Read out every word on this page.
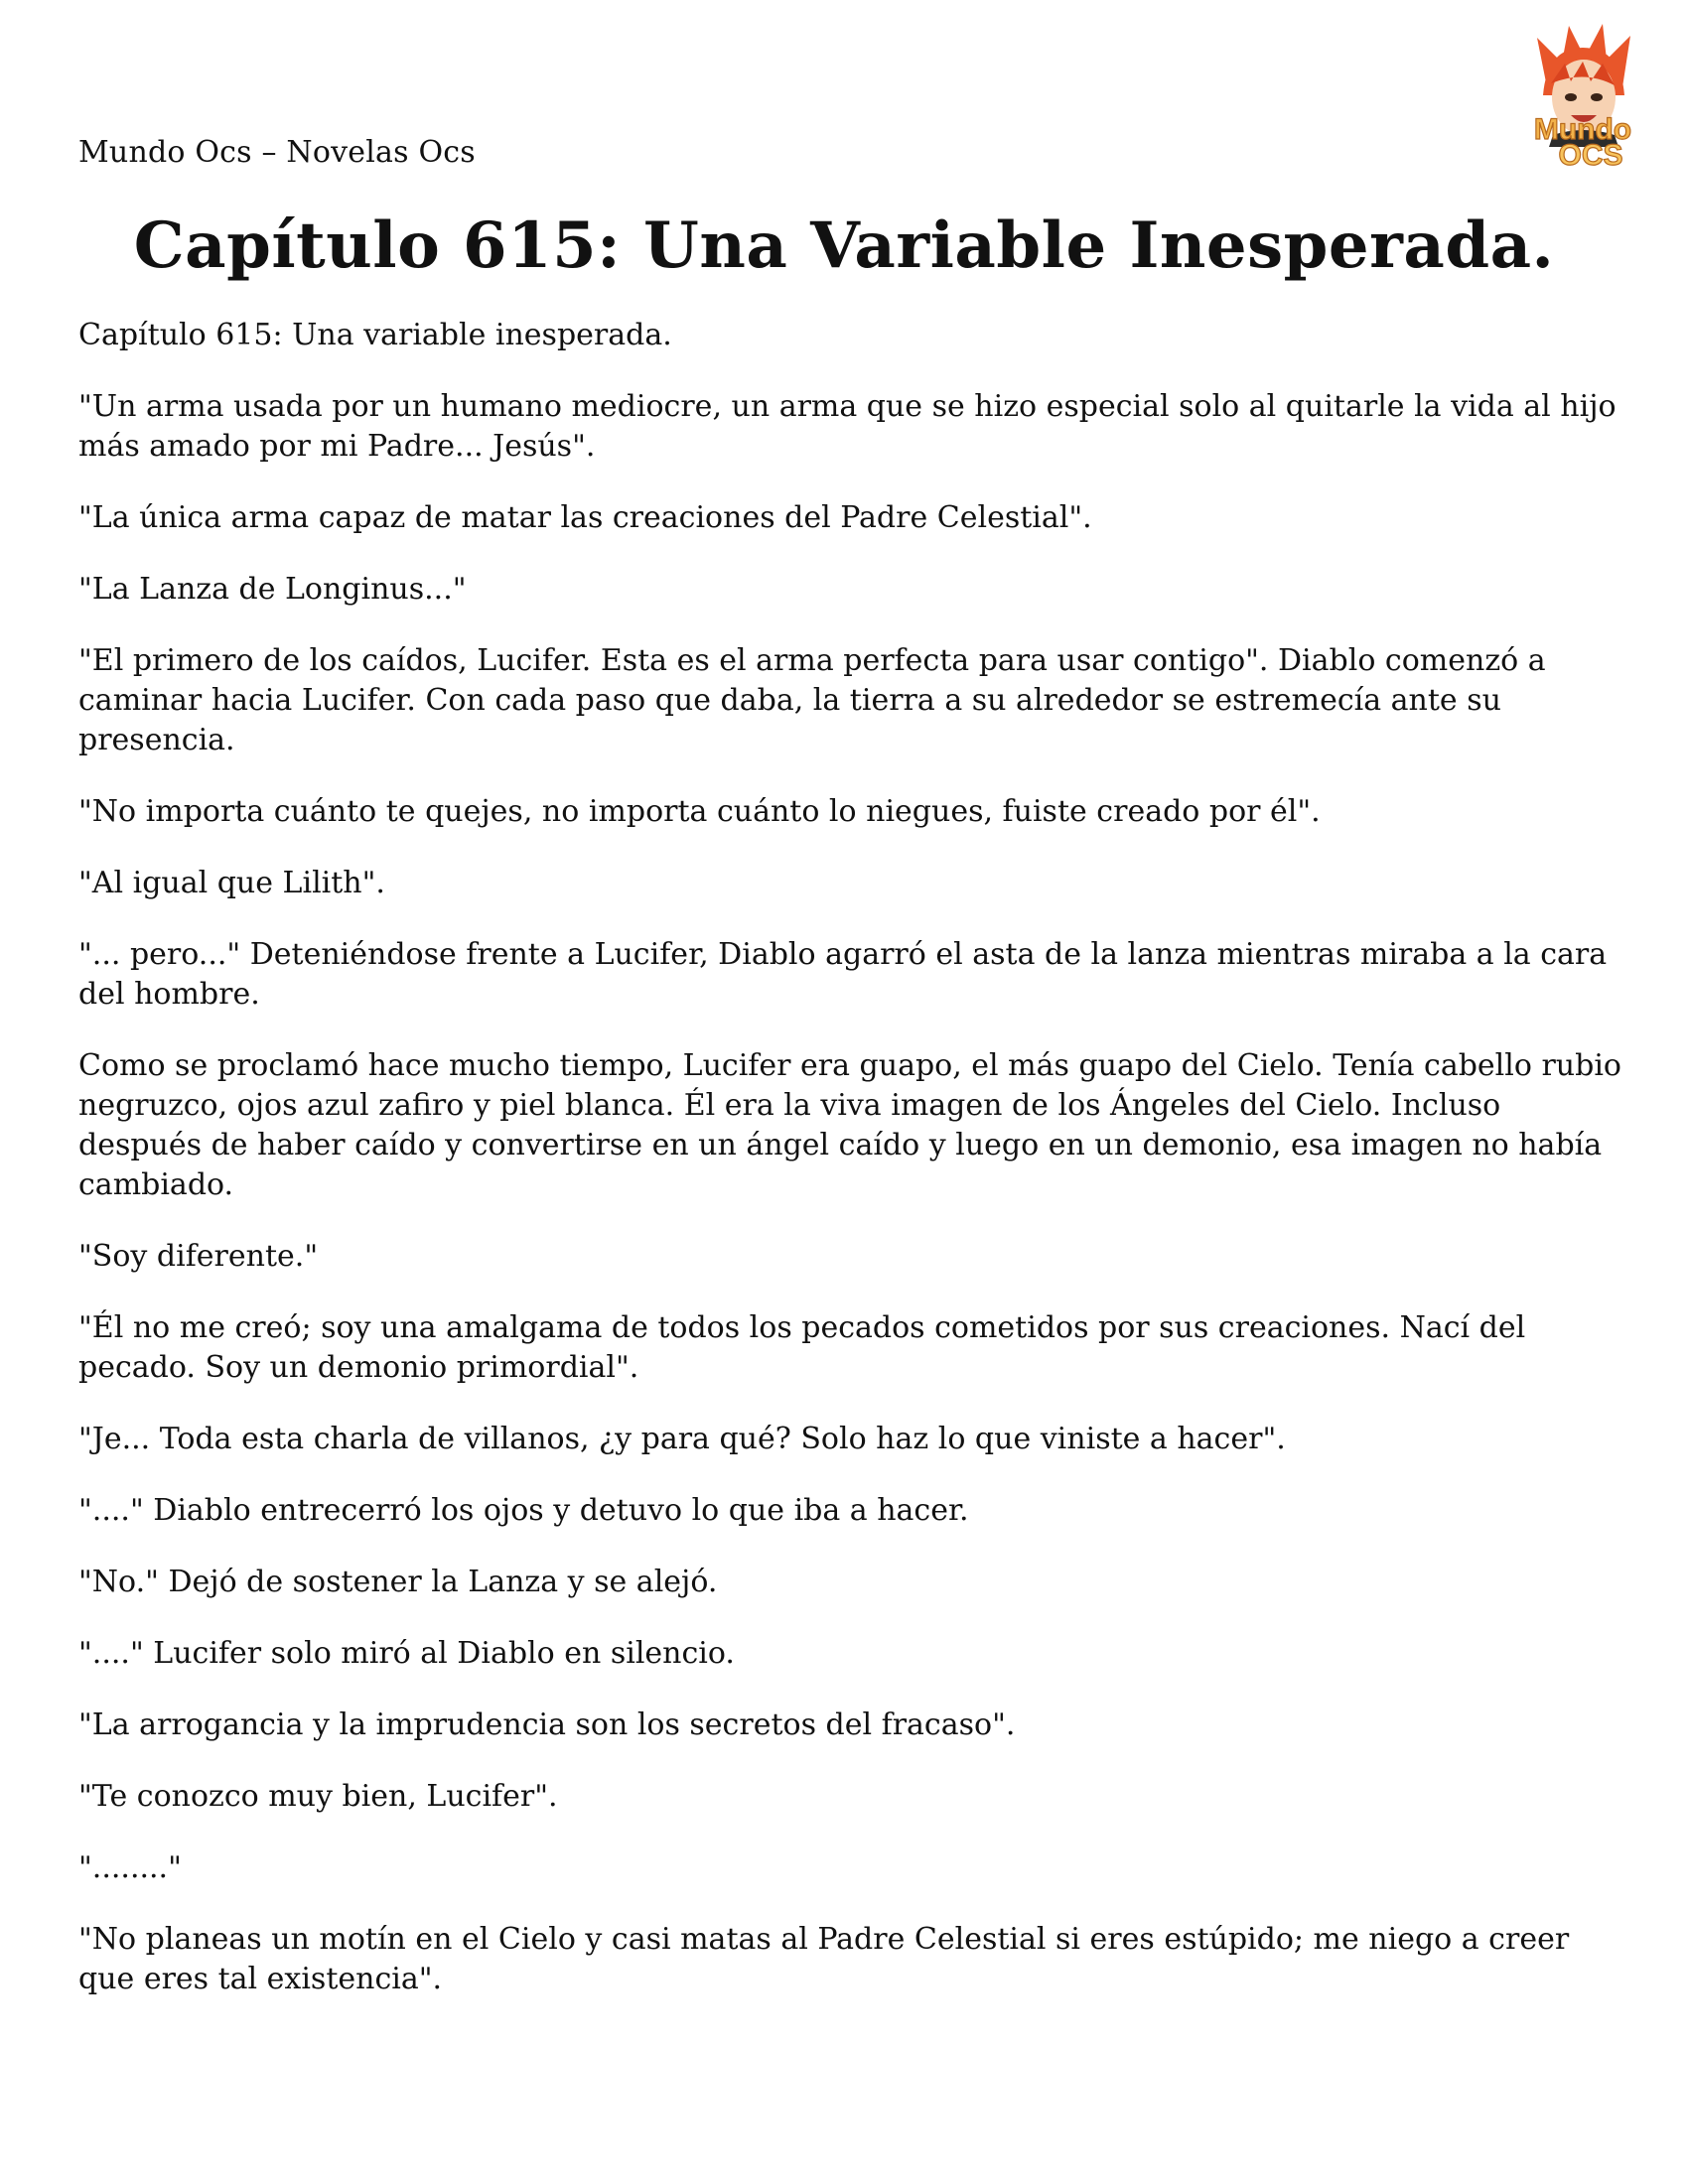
Mundo Ocs – Novelas Ocs
Mundo
OCS
Capítulo 615: Una Variable Inesperada.

Capítulo 615: Una variable inesperada.

"Un arma usada por un humano mediocre, un arma que se hizo especial solo al quitarle la vida al hijo más amado por mi Padre... Jesús".

"La única arma capaz de matar las creaciones del Padre Celestial".

"La Lanza de Longinus..."

"El primero de los caídos, Lucifer. Esta es el arma perfecta para usar contigo". Diablo comenzó a caminar hacia Lucifer. Con cada paso que daba, la tierra a su alrededor se estremecía ante su presencia.

"No importa cuánto te quejes, no importa cuánto lo niegues, fuiste creado por él".

"Al igual que Lilith".

"... pero..." Deteniéndose frente a Lucifer, Diablo agarró el asta de la lanza mientras miraba a la cara del hombre.

Como se proclamó hace mucho tiempo, Lucifer era guapo, el más guapo del Cielo. Tenía cabello rubio negruzco, ojos azul zafiro y piel blanca. Él era la viva imagen de los Ángeles del Cielo. Incluso después de haber caído y convertirse en un ángel caído y luego en un demonio, esa imagen no había cambiado.

"Soy diferente."

"Él no me creó; soy una amalgama de todos los pecados cometidos por sus creaciones. Nací del pecado. Soy un demonio primordial".

"Je... Toda esta charla de villanos, ¿y para qué? Solo haz lo que viniste a hacer".

"...." Diablo entrecerró los ojos y detuvo lo que iba a hacer.

"No." Dejó de sostener la Lanza y se alejó.

"...." Lucifer solo miró al Diablo en silencio.

"La arrogancia y la imprudencia son los secretos del fracaso".

"Te conozco muy bien, Lucifer".

"........"

"No planeas un motín en el Cielo y casi matas al Padre Celestial si eres estúpido; me niego a creer que eres tal existencia".
